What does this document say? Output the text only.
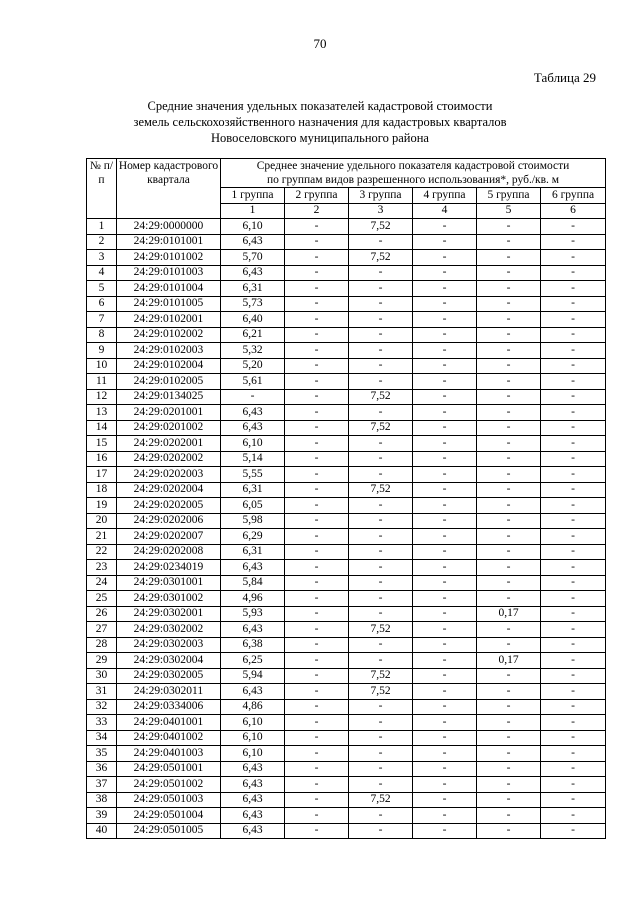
70
Таблица 29
Средние значения удельных показателей кадастровой стоимости
земель сельскохозяйственного назначения для кадастровых кварталов
Новоселовского муниципального района
№ п/п	Номер кадастрового квартала	Среднее значение удельного показателя кадастровой стоимости
по группам видов разрешенного использования*, руб./кв. м						

		1 группа	2 группа	3 группа	4 группа	5 группа	6 группа	
		1	2	3	4	5	6		
1	24:29:0000000	6,10	-	7,52	-	-	-	
2	24:29:0101001	6,43	-	-	-	-	-	
3	24:29:0101002	5,70	-	7,52	-	-	-	
4	24:29:0101003	6,43	-	-	-	-	-	
5	24:29:0101004	6,31	-	-	-	-	-	
6	24:29:0101005	5,73	-	-	-	-	-	
7	24:29:0102001	6,40	-	-	-	-	-	
8	24:29:0102002	6,21	-	-	-	-	-	
9	24:29:0102003	5,32	-	-	-	-	-	
10	24:29:0102004	5,20	-	-	-	-	-	
11	24:29:0102005	5,61	-	-	-	-	-	
12	24:29:0134025	-	-	7,52	-	-	-	
13	24:29:0201001	6,43	-	-	-	-	-	
14	24:29:0201002	6,43	-	7,52	-	-	-	
15	24:29:0202001	6,10	-	-	-	-	-	
16	24:29:0202002	5,14	-	-	-	-	-	
17	24:29:0202003	5,55	-	-	-	-	-	
18	24:29:0202004	6,31	-	7,52	-	-	-	
19	24:29:0202005	6,05	-	-	-	-	-	
20	24:29:0202006	5,98	-	-	-	-	-	
21	24:29:0202007	6,29	-	-	-	-	-	
22	24:29:0202008	6,31	-	-	-	-	-	
23	24:29:0234019	6,43	-	-	-	-	-	
24	24:29:0301001	5,84	-	-	-	-	-	
25	24:29:0301002	4,96	-	-	-	-	-	
26	24:29:0302001	5,93	-	-	-	0,17	-	
27	24:29:0302002	6,43	-	7,52	-	-	-	
28	24:29:0302003	6,38	-	-	-	-	-	
29	24:29:0302004	6,25	-	-	-	0,17	-	
30	24:29:0302005	5,94	-	7,52	-	-	-	
31	24:29:0302011	6,43	-	7,52	-	-	-	
32	24:29:0334006	4,86	-	-	-	-	-	
33	24:29:0401001	6,10	-	-	-	-	-	
34	24:29:0401002	6,10	-	-	-	-	-	
35	24:29:0401003	6,10	-	-	-	-	-	
36	24:29:0501001	6,43	-	-	-	-	-	
37	24:29:0501002	6,43	-	-	-	-	-	
38	24:29:0501003	6,43	-	7,52	-	-	-	
39	24:29:0501004	6,43	-	-	-	-	-	
40	24:29:0501005	6,43	-	-	-	-	-	
